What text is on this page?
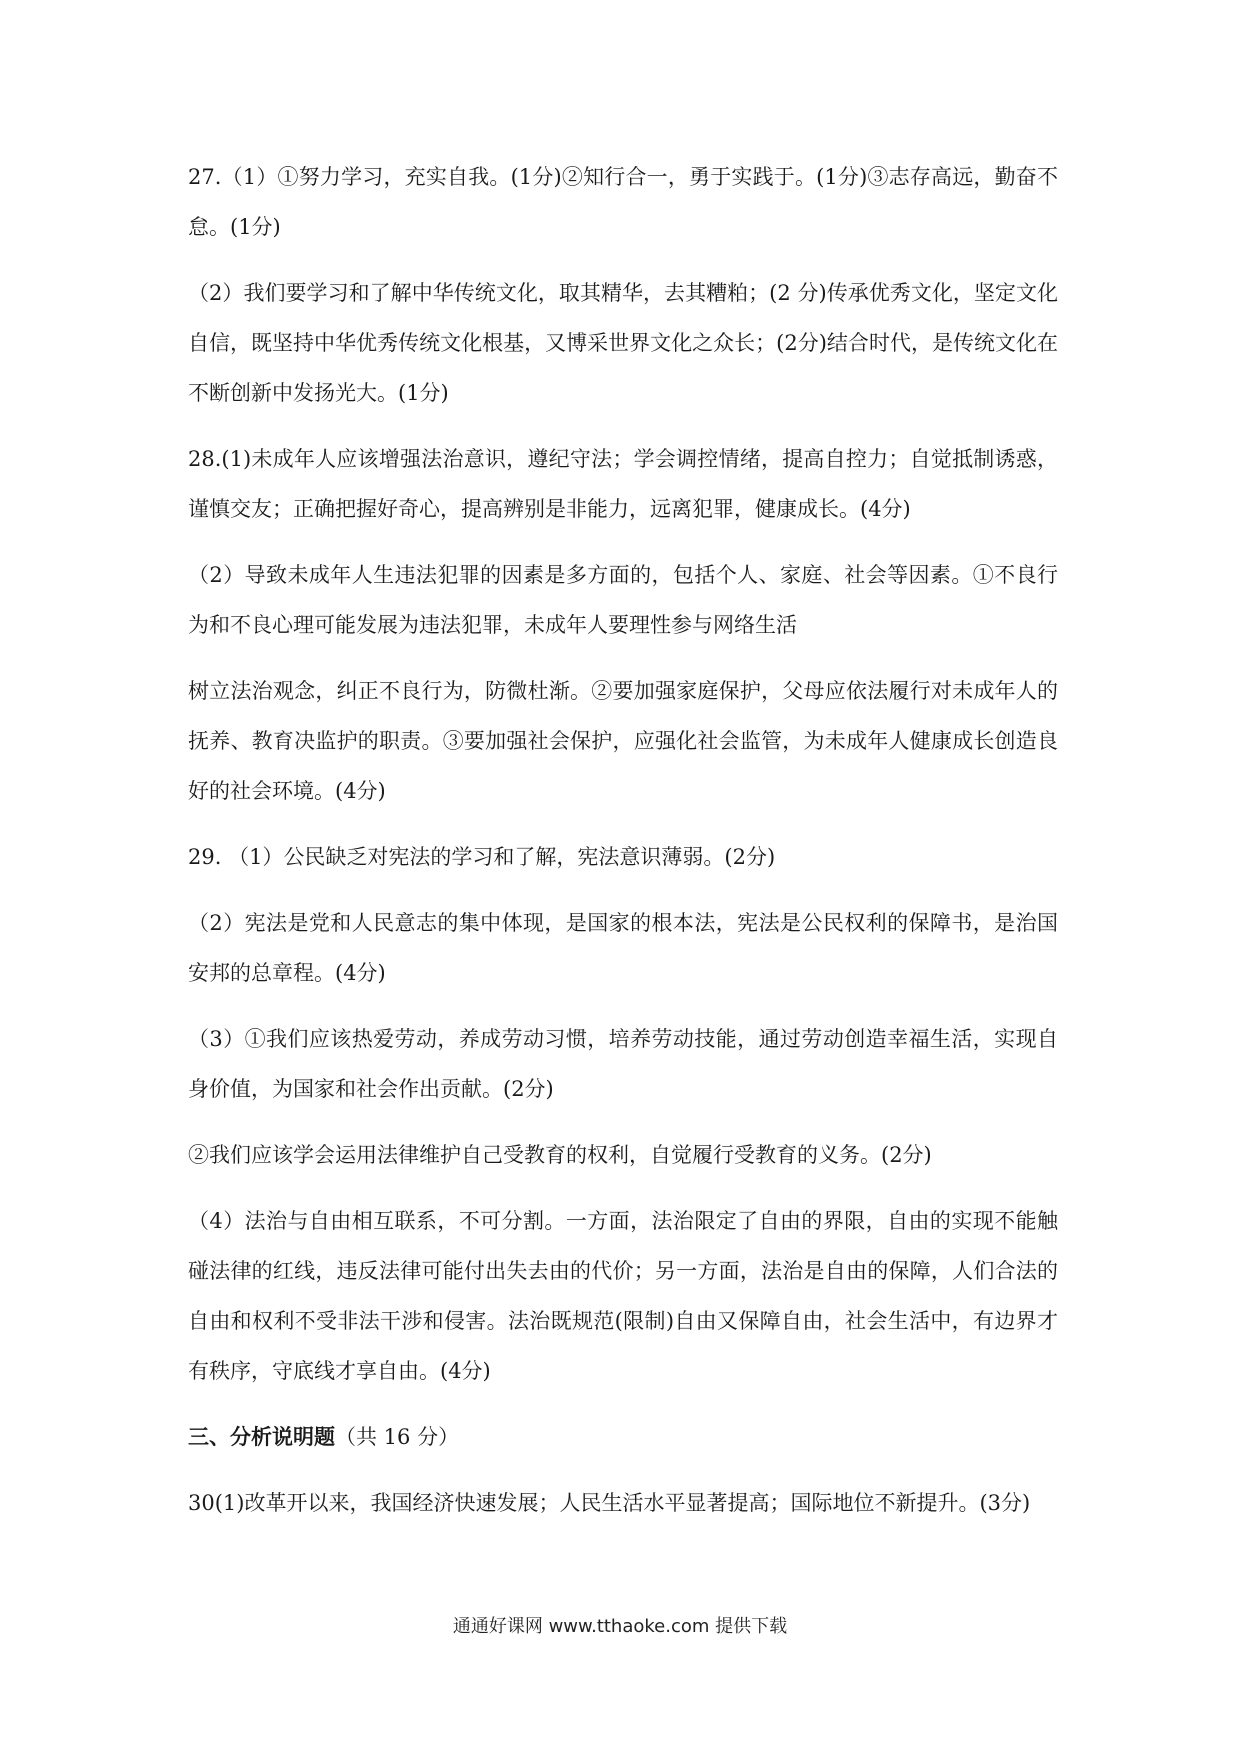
27.（1）①努力学习，充实自我。(1分)②知行合一，勇于实践于。(1分)③志存高远，勤奋不怠。(1分)

（2）我们要学习和了解中华传统文化，取其精华，去其糟粕；(2 分)传承优秀文化，坚定文化自信，既坚持中华优秀传统文化根基，又博采世界文化之众长；(2分)结合时代，是传统文化在不断创新中发扬光大。(1分)

28.(1)未成年人应该增强法治意识，遵纪守法；学会调控情绪，提高自控力；自觉抵制诱惑，谨慎交友；正确把握好奇心，提高辨别是非能力，远离犯罪，健康成长。(4分)

（2）导致未成年人生违法犯罪的因素是多方面的，包括个人、家庭、社会等因素。①不良行为和不良心理可能发展为违法犯罪，未成年人要理性参与网络生活

树立法治观念，纠正不良行为，防微杜渐。②要加强家庭保护，父母应依法履行对未成年人的抚养、教育决监护的职责。③要加强社会保护，应强化社会监管，为未成年人健康成长创造良好的社会环境。(4分)

29. （1）公民缺乏对宪法的学习和了解，宪法意识薄弱。(2分)

（2）宪法是党和人民意志的集中体现，是国家的根本法，宪法是公民权利的保障书，是治国安邦的总章程。(4分)

（3）①我们应该热爱劳动，养成劳动习惯，培养劳动技能，通过劳动创造幸福生活，实现自身价值，为国家和社会作出贡献。(2分)

②我们应该学会运用法律维护自己受教育的权利，自觉履行受教育的义务。(2分)

（4）法治与自由相互联系，不可分割。一方面，法治限定了自由的界限，自由的实现不能触碰法律的红线，违反法律可能付出失去由的代价；另一方面，法治是自由的保障，人们合法的自由和权利不受非法干涉和侵害。法治既规范(限制)自由又保障自由，社会生活中，有边界才有秩序，守底线才享自由。(4分)

三、分析说明题（共 16 分）

30(1)改革开以来，我国经济快速发展；人民生活水平显著提高；国际地位不新提升。(3分)

通通好课网 www.tthaoke.com 提供下载
